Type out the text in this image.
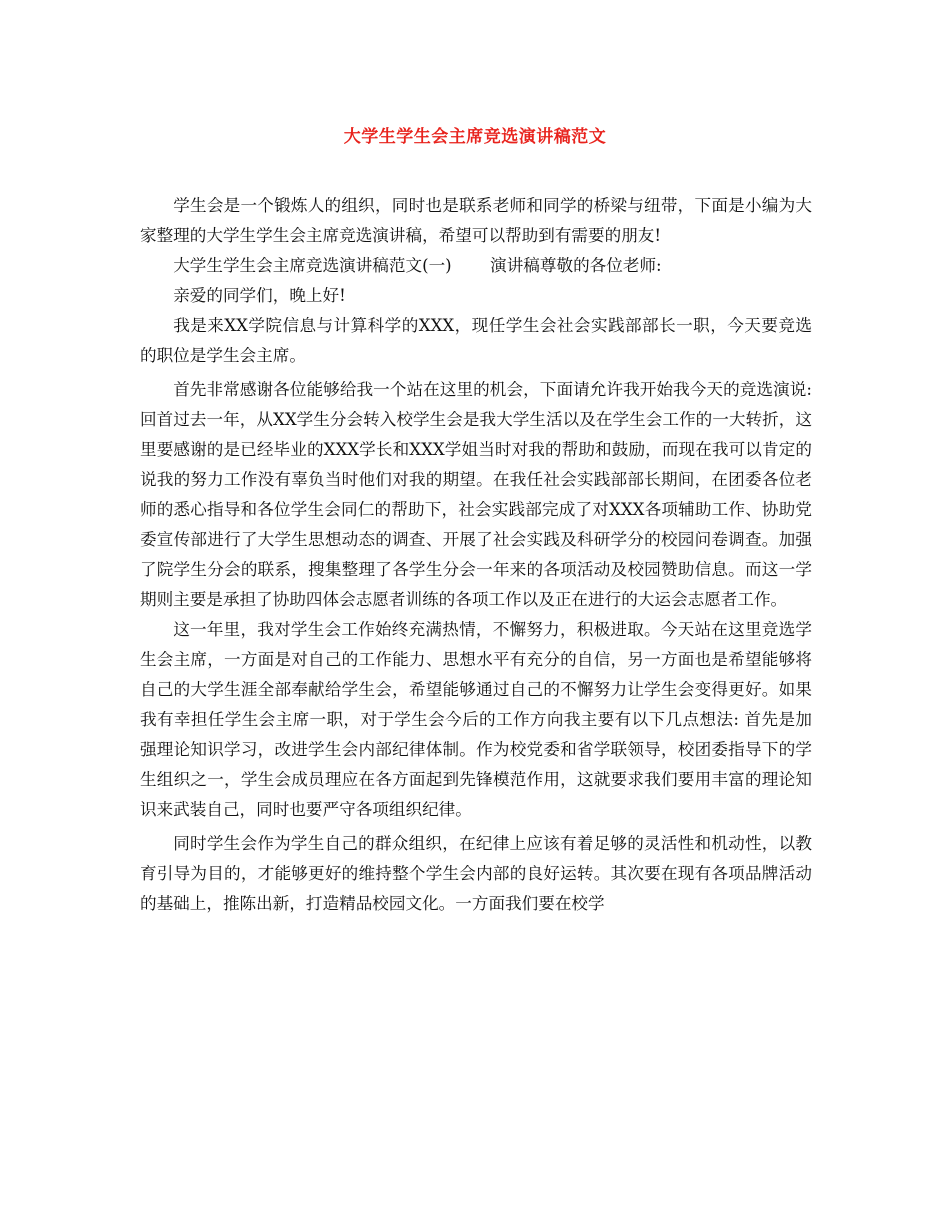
大学生学生会主席竞选演讲稿范文

学生会是一个锻炼人的组织，同时也是联系老师和同学的桥梁与纽带，下面是小编为大家整理的大学生学生会主席竞选演讲稿，希望可以帮助到有需要的朋友!

大学生学生会主席竞选演讲稿范文(一)　　 演讲稿尊敬的各位老师:

亲爱的同学们，晚上好!

我是来XX学院信息与计算科学的XXX，现任学生会社会实践部部长一职，今天要竞选的职位是学生会主席。

首先非常感谢各位能够给我一个站在这里的机会，下面请允许我开始我今天的竞选演说: 回首过去一年，从XX学生分会转入校学生会是我大学生活以及在学生会工作的一大转折，这里要感谢的是已经毕业的XXX学长和XXX学姐当时对我的帮助和鼓励，而现在我可以肯定的说我的努力工作没有辜负当时他们对我的期望。在我任社会实践部部长期间，在团委各位老师的悉心指导和各位学生会同仁的帮助下，社会实践部完成了对XXX各项辅助工作、协助党委宣传部进行了大学生思想动态的调查、开展了社会实践及科研学分的校园问卷调查。加强了院学生分会的联系，搜集整理了各学生分会一年来的各项活动及校园赞助信息。而这一学期则主要是承担了协助四体会志愿者训练的各项工作以及正在进行的大运会志愿者工作。

这一年里，我对学生会工作始终充满热情，不懈努力，积极进取。今天站在这里竞选学生会主席，一方面是对自己的工作能力、思想水平有充分的自信，另一方面也是希望能够将自己的大学生涯全部奉献给学生会，希望能够通过自己的不懈努力让学生会变得更好。如果我有幸担任学生会主席一职，对于学生会今后的工作方向我主要有以下几点想法: 首先是加强理论知识学习，改进学生会内部纪律体制。作为校党委和省学联领导，校团委指导下的学生组织之一，学生会成员理应在各方面起到先锋模范作用，这就要求我们要用丰富的理论知识来武装自己，同时也要严守各项组织纪律。

同时学生会作为学生自己的群众组织，在纪律上应该有着足够的灵活性和机动性，以教育引导为目的，才能够更好的维持整个学生会内部的良好运转。其次要在现有各项品牌活动的基础上，推陈出新，打造精品校园文化。一方面我们要在校学
